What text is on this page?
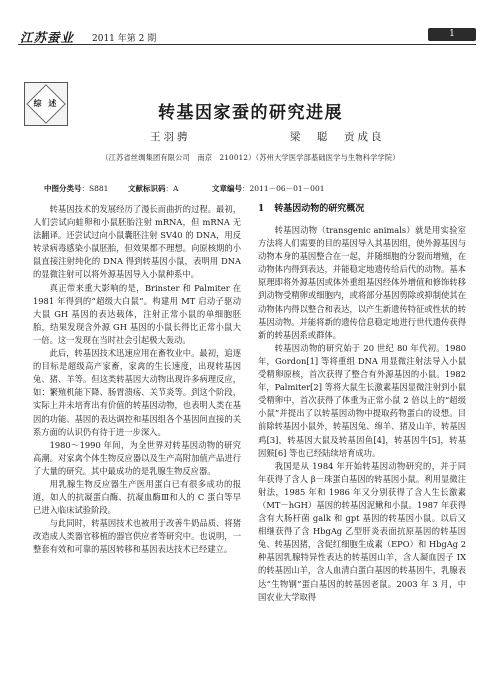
江苏蚕业 2011 年第 2 期	1
综 述	转基因家蚕的研究进展
王羽骋	梁　聪　贡成良
（江苏省丝绸集团有限公司　南京　210012）（苏州大学医学部基础医学与生物科学学院）
中图分类号：S881	文献标识码：A	文章编号：2011－06－01－001

转基因技术的发展经历了漫长而曲折的过程。最初，人们尝试向蛙卵和小鼠胚胎注射 mRNA，但 mRNA 无法翻译。还尝试过向小鼠囊胚注射 SV40 的 DNA，用反转录病毒感染小鼠胚胎，但效果都不理想。向原核期的小鼠直接注射纯化的 DNA 得到转基因小鼠，表明用 DNA 的显微注射可以将外源基因导入小鼠种系中。

真正带来重大影响的是，Brinster 和 Palmiter 在 1981 年得到的“超级大白鼠”。构建用 MT 启动子驱动大鼠 GH 基因的表达载体，注射正常小鼠的单细胞胚胎，结果发现含外源 GH 基因的小鼠长得比正常小鼠大一倍。这一发现在当时社会引起极大轰动。

此后，转基因技术迅速应用在畜牧业中。最初，追逐的目标是超级高产家畜，家禽的生长速度，出现转基因兔、猪、羊等。但这类转基因大动物出现许多病理反应，如：繁殖机能下降、肠胃溃疡、关节炎等。到这个阶段，实际上并未培育出有价值的转基因动物，也表明人类在基因的功能、基因的表达调控和基因组各个基因间直接的关系方面的认识仍有待于进一步深入。

1980～1990 年间，为全世界对转基因动物的研究高潮。对家禽个体生物反应器以及生产高附加值产品进行了大量的研究。其中最成功的是乳腺生物反应器。

用乳腺生物反应器生产医用蛋白已有很多成功的报道，如人的抗凝蛋白酶、抗凝血酶Ⅲ和人的 C 蛋白等早已进入临床试验阶段。

与此同时，转基因技术也被用于改善牛奶品质、将猪改造成人类器官移植的器官供应者等研究中。也说明，一整套有效和可靠的基因转移和基因表达技术已经建立。

1 转基因动物的研究概况

转基因动物（transgenic animals）就是用实验室方法将人们需要的目的基因导入其基因组，使外源基因与动物本身的基因整合在一起，并随细胞的分裂而增殖，在动物体内得到表达，并能稳定地遗传给后代的动物。基本原理即将外源基因或体外重组基因经体外增值和修饰转移到动物受精卵或细胞内，或将部分基因剪除或抑制使其在动物体内得以整合和表达，以产生新遗传特征或性状的转基因动物。并能将新的遗传信息稳定地进行世代遗传获得新的转基因系或群体。

转基因动物的研究始于 20 世纪 80 年代初。1980 年，Gordon[1] 等将重组 DNA 用显微注射法导入小鼠受精卵原核，首次获得了整合有外源基因的小鼠。1982 年，Palmiter[2] 等将大鼠生长激素基因显微注射到小鼠受精卵中，首次获得了体重为正常小鼠 2 倍以上的“超级小鼠”并提出了以转基因动物中提取药物蛋白的设想。目前除转基因小鼠外，转基因兔、绵羊、猪及山羊，转基因鸡[3]，转基因大鼠及转基因鱼[4]，转基因牛[5]，转基因猴[6] 等也已经陆续培育成功。

我国是从 1984 年开始转基因动物研究的，并于同年获得了含人 β－珠蛋白基因的转基因小鼠。利用显微注射法，1985 年和 1986 年又分别获得了含人生长激素（MT－hGH）基因的转基因泥鳅和小鼠。1987 年获得含有大肠杆菌 galk 和 gpt 基因的转基因小鼠。以后又相继获得了含 HbgAg 乙型肝炎表面抗原基因的转基因兔、转基因猪，含促红细胞生成素（EPO）和 HbgAg 2 种基因乳腺特异性表达的转基因山羊，含人凝血因子 IX 的转基因山羊，含人血清白蛋白基因的转基因牛，乳腺表达“生物钢”蛋白基因的转基因老鼠。2003 年 3 月，中国农业大学取得
